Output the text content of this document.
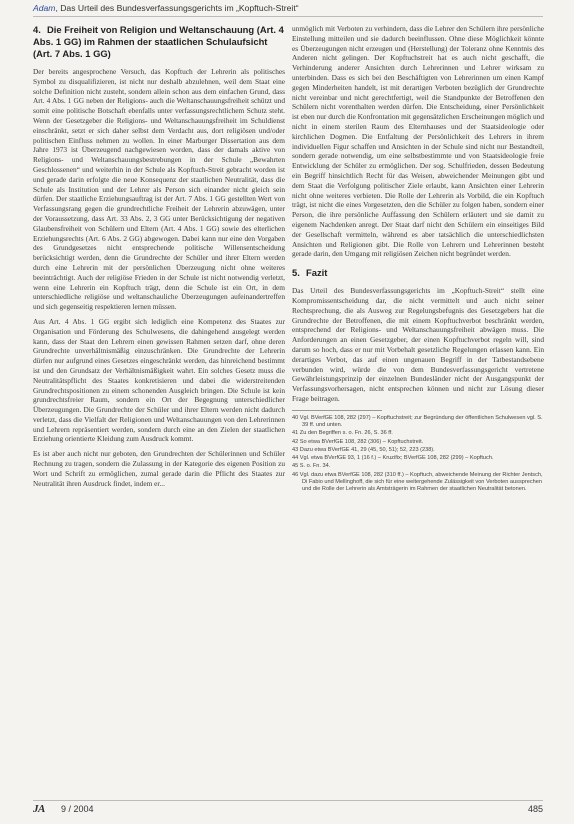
Adam, Das Urteil des Bundesverfassungsgerichts im „Kopftuch-Streit“
4. Die Freiheit von Religion und Weltanschauung (Art. 4 Abs. 1 GG) im Rahmen der staatlichen Schulaufsicht (Art. 7 Abs. 1 GG)

Der bereits angesprochene Versuch, das Kopftuch der Lehrerin als politisches Symbol zu disqualifizieren, ist nicht nur deshalb abzulehnen, weil dem Staat eine solche Definition nicht zusteht, sondern allein schon aus dem einfachen Grund, dass Art. 4 Abs. 1 GG neben der Religions- auch die Weltanschauungsfreiheit schützt und somit eine politische Botschaft ebenfalls unter verfassungsrechtlichem Schutz steht. Wenn der Gesetzgeber die Religions- und Weltanschauungsfreiheit im Schuldienst einschränkt, setzt er sich daher selbst dem Verdacht aus, dort religiösen und/oder politischen Einfluss nehmen zu wollen. In einer Marburger Dissertation aus dem Jahre 1973 ist Überzeugend nachgewiesen worden, dass der damals aktive von Religions- und Weltanschauungsbestrebungen in der Schule „Bewahrten Geschlossenen“ und weiterhin in der Schule als Kopftuch-Streit gebracht worden ist und gerade darin erfolgte die neue Konsequenz der staatlichen Neutralität, dass die Schule als Institution und der Lehrer als Person sich einander nicht gleich sein dürfen. Der staatliche Erziehungsauftrag ist der Art. 7 Abs. 1 GG gestellten Wert von Verfassungsrang gegen die grundrechtliche Freiheit der Lehrerin abzuwägen, unter der Voraussetzung, dass Art. 33 Abs. 2, 3 GG unter Berücksichtigung der negativen Glaubensfreiheit von Schülern und Eltern (Art. 4 Abs. 1 GG) sowie des elterlichen Erziehungsrechts (Art. 6 Abs. 2 GG) abgewogen. Dabei kann nur eine den Vorgaben des Grundgesetzes nicht entsprechende politische Willensentscheidung berücksichtigt werden, denn die Grundrechte der Schüler und ihrer Eltern werden durch eine Lehrerin mit der persönlichen Überzeugung nicht ohne weiteres beeinträchtigt. Auch der religiöse Frieden in der Schule ist nicht notwendig verletzt, wenn eine Lehrerin ein Kopftuch trägt, denn die Schule ist ein Ort, in dem unterschiedliche religiöse und weltanschauliche Überzeugungen aufeinandertreffen und sich gegenseitig respektieren lernen müssen.

Aus Art. 4 Abs. 1 GG ergibt sich lediglich eine Kompetenz des Staates zur Organisation und Förderung des Schulwesens, die dahingehend ausgelegt werden kann, dass der Staat den Lehrern einen gewissen Rahmen setzen darf, ohne deren Grundrechte unverhältnismäßig einzuschränken. Die Grundrechte der Lehrerin dürfen nur aufgrund eines Gesetzes eingeschränkt werden, das hinreichend bestimmt ist und den Grundsatz der Verhältnismäßigkeit wahrt. Ein solches Gesetz muss die Neutralitätspflicht des Staates konkretisieren und dabei die widerstreitenden Grundrechtspositionen zu einem schonenden Ausgleich bringen. Die Schule ist kein grundrechtsfreier Raum, sondern ein Ort der Begegnung unterschiedlicher Überzeugungen. Die Grundrechte der Schüler und ihrer Eltern werden nicht dadurch verletzt, dass die Vielfalt der Religionen und Weltanschauungen von den Lehrerinnen und Lehrern repräsentiert werden, sondern durch eine an den Zielen der staatlichen Erziehung orientierte Kleidung zum Ausdruck kommt.

Es ist aber auch nicht nur geboten, den Grundrechten der Schülerinnen und Schüler Rechnung zu tragen, sondern die Zulassung in der Kategorie des eigenen Position zu Wort und Schrift zu ermöglichen, zumal gerade darin die Pflicht des Staates zur Neutralität ihren Ausdruck findet, indem er...

unmöglich mit Verboten zu verhindern, dass die Lehrer den Schülern ihre persönliche Einstellung mitteilen und sie dadurch beeinflussen. Ohne diese Möglichkeit könnte es Überzeugungen nicht erzeugen und (Herstellung) der Toleranz ohne Kenntnis des Anderen nicht gelingen. Der Kopftuchstreit hat es auch nicht geschafft, die Verhinderung anderer Ansichten durch Lehrerinnen und Lehrer wirksam zu unterbinden. Dass es sich bei den Beschäftigten von Lehrerinnen um einen Kampf gegen Minderheiten handelt, ist mit derartigen Verboten bezüglich der Grundrechte nicht vereinbar und nicht gerechtfertigt, weil die Standpunkte der Betroffenen den Schülern nicht vorenthalten werden dürfen. Die Entscheidung, einer Persönlichkeit ist eben nur durch die Konfrontation mit gegensätzlichen Erscheinungen möglich und nicht in einem sterilen Raum des Elternhauses und der Staatsideologie oder kirchlichen Dogmen. Die Entfaltung der Persönlichkeit des Lehrers in ihrem individuellen Figur schaffen und Ansichten in der Schule sind nicht nur Bestandteil, sondern gerade notwendig, um eine selbstbestimmte und von Staatsideologie freie Entwicklung der Schüler zu ermöglichen. Der sog. Schulfrieden, dessen Bedeutung ein Begriff hinsichtlich Recht für das Weisen, abweichender Meinungen gibt und dem Staat die Verfolgung politischer Ziele erlaubt, kann Ansichten einer Lehrerin nicht ohne weiteres verbieten. Die Rolle der Lehrerin als Vorbild, die ein Kopftuch trägt, ist nicht die eines Vorgesetzten, den die Schüler zu folgen haben, sondern einer Person, die ihre persönliche Auffassung den Schülern erläutert und sie damit zu eigenem Nachdenken anregt. Der Staat darf nicht den Schülern ein einseitiges Bild der Gesellschaft vermitteln, während es aber tatsächlich die unterschiedlichsten Ansichten und Religionen gibt. Die Rolle von Lehrern und Lehrerinnen besteht gerade darin, den Umgang mit religiösen Zeichen nicht begründet werden.

5. Fazit

Das Urteil des Bundesverfassungsgerichts im „Kopftuch-Streit“ stellt eine Kompromissentscheidung dar, die nicht vermittelt und auch nicht seiner Rechtsprechung, die als Ausweg zur Regelungsbefugnis des Gesetzgebers hat die Grundrechte der Betroffenen, die mit einem Kopftuchverbot beschränkt werden, entsprechend der Religions- und Weltanschauungsfreiheit abwägen muss. Die Anforderungen an einen Gesetzgeber, der einen Kopftuchverbot regeln will, sind darum so hoch, dass er nur mit Vorbehalt gesetzliche Regelungen erlassen kann. Ein derartiges Verbot, das auf einen ungenauen Begriff in der Tatbestandsebene verbunden wird, würde die von dem Bundesverfassungsgericht vertretene Gewährleistungsprinzip der einzelnen Bundesländer nicht der Ausgangspunkt der Verfassungsvorhersagen, nicht entsprechen können und nicht zur Lösung dieser Frage beitragen.

40 Vgl. BVerfGE 108, 282 (297) – Kopftuchstreit; zur Begründung der öffentlichen Schulwesen vgl. S. 39 ff. und unten.

41 Zu den Begriffen s. o. Fn. 26, S. 36 ff.

42 So etwa BVerfGE 108, 282 (306) – Kopftuchstreit.

43 Dazu etwa BVerfGE 41, 29 (45, 50, 51); 52, 223 (238).

44 Vgl. etwa BVerfGE 93, 1 (16 f.) – Kruzifix; BVerfGE 108, 282 (299) – Kopftuch.

45 S. o. Fn. 34.

46 Vgl. dazu etwa BVerfGE 108, 282 (310 ff.) – Kopftuch, abweichende Meinung der Richter Jentsch, Di Fabio und Mellinghoff, die sich für eine weitergehende Zulässigkeit von Verboten aussprechen und die Rolle der Lehrerin als Amtsträgerin im Rahmen der staatlichen Neutralität betonen.

JA	9 / 2004	485
